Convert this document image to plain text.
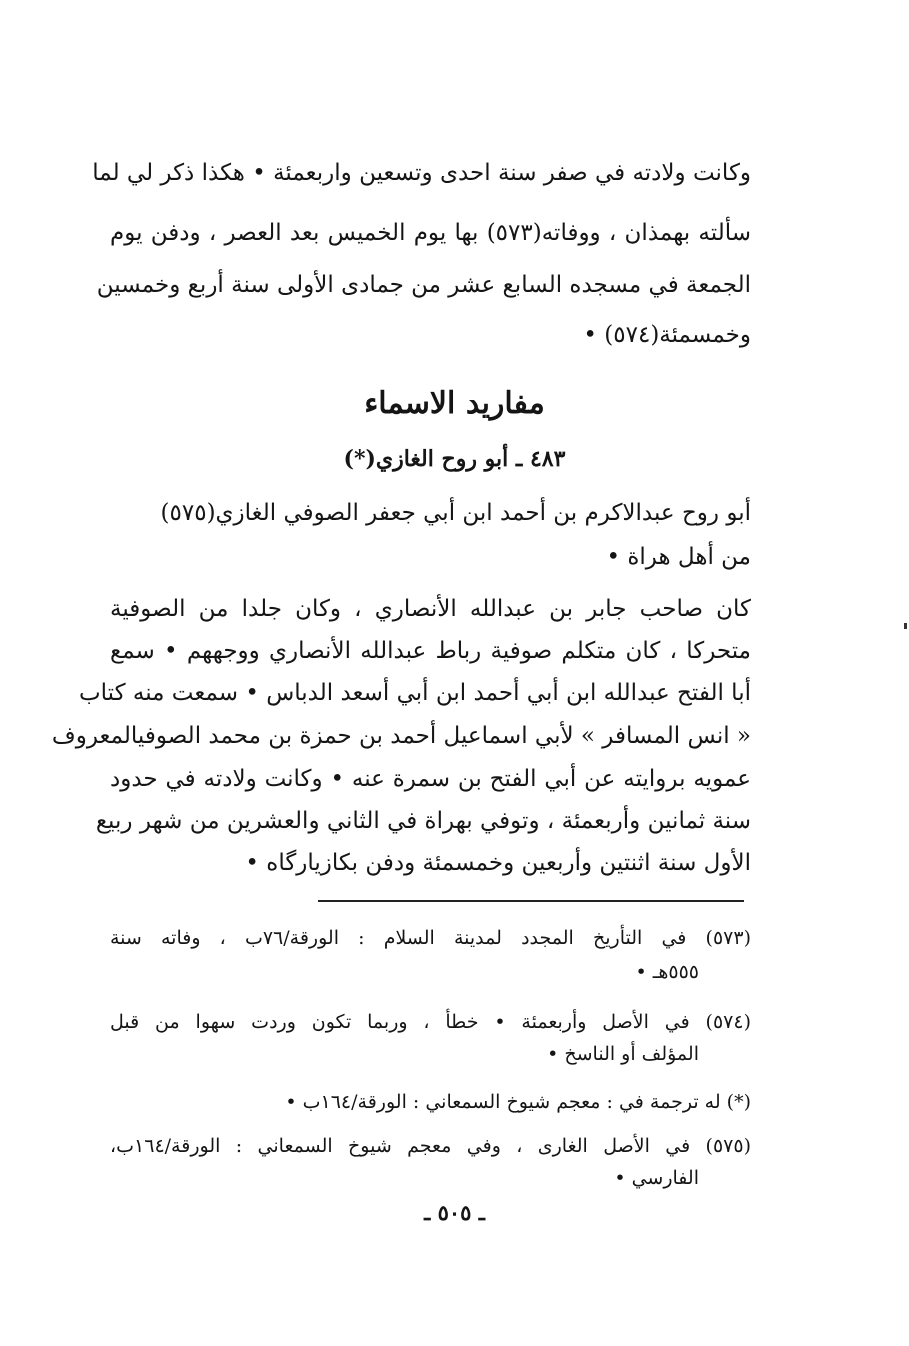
وكانت ولادته في صفر سنة احدى وتسعين واربعمئة • هكذا ذكر لي لما
سألته بهمذان ، ووفاته(٥٧٣) بها يوم الخميس بعد العصر ، ودفن يوم
الجمعة في مسجده السابع عشر من جمادى الأولى سنة أربع وخمسين
وخمسمئة(٥٧٤) •
مفاريد الاسماء
٤٨٣ ـ أبو روح الغازي(*)
أبو روح عبدالاكرم بن أحمد ابن أبي جعفر الصوفي الغازي(٥٧٥)
من أهل هراة •
كان صاحب جابر بن عبدالله الأنصاري ، وكان جلدا من الصوفية
متحركا ، كان متكلم صوفية رباط عبدالله الأنصاري ووجههم • سمع
أبا الفتح عبدالله ابن أبي أحمد ابن أبي أسعد الدباس • سمعت منه كتاب
« انس المسافر » لأبي اسماعيل أحمد بن حمزة بن محمد الصوفيالمعروف
عمويه بروايته عن أبي الفتح بن سمرة عنه • وكانت ولادته في حدود
سنة ثمانين وأربعمئة ، وتوفي بهراة في الثاني والعشرين من شهر ربيع
الأول سنة اثنتين وأربعين وخمسمئة ودفن بكازيارگاه •
(٥٧٣) في التأريخ المجدد لمدينة السلام : الورقة/٧٦ب ، وفاته سنة
٥٥٥هـ •
(٥٧٤) في الأصل وأربعمئة • خطأ ، وربما تكون وردت سهوا من قبل
المؤلف أو الناسخ •
(*) له ترجمة في : معجم شيوخ السمعاني : الورقة/١٦٤ب •
(٥٧٥) في الأصل الغارى ، وفي معجم شيوخ السمعاني : الورقة/١٦٤ب،
الفارسي •
ـ ٥٠٥ ـ
